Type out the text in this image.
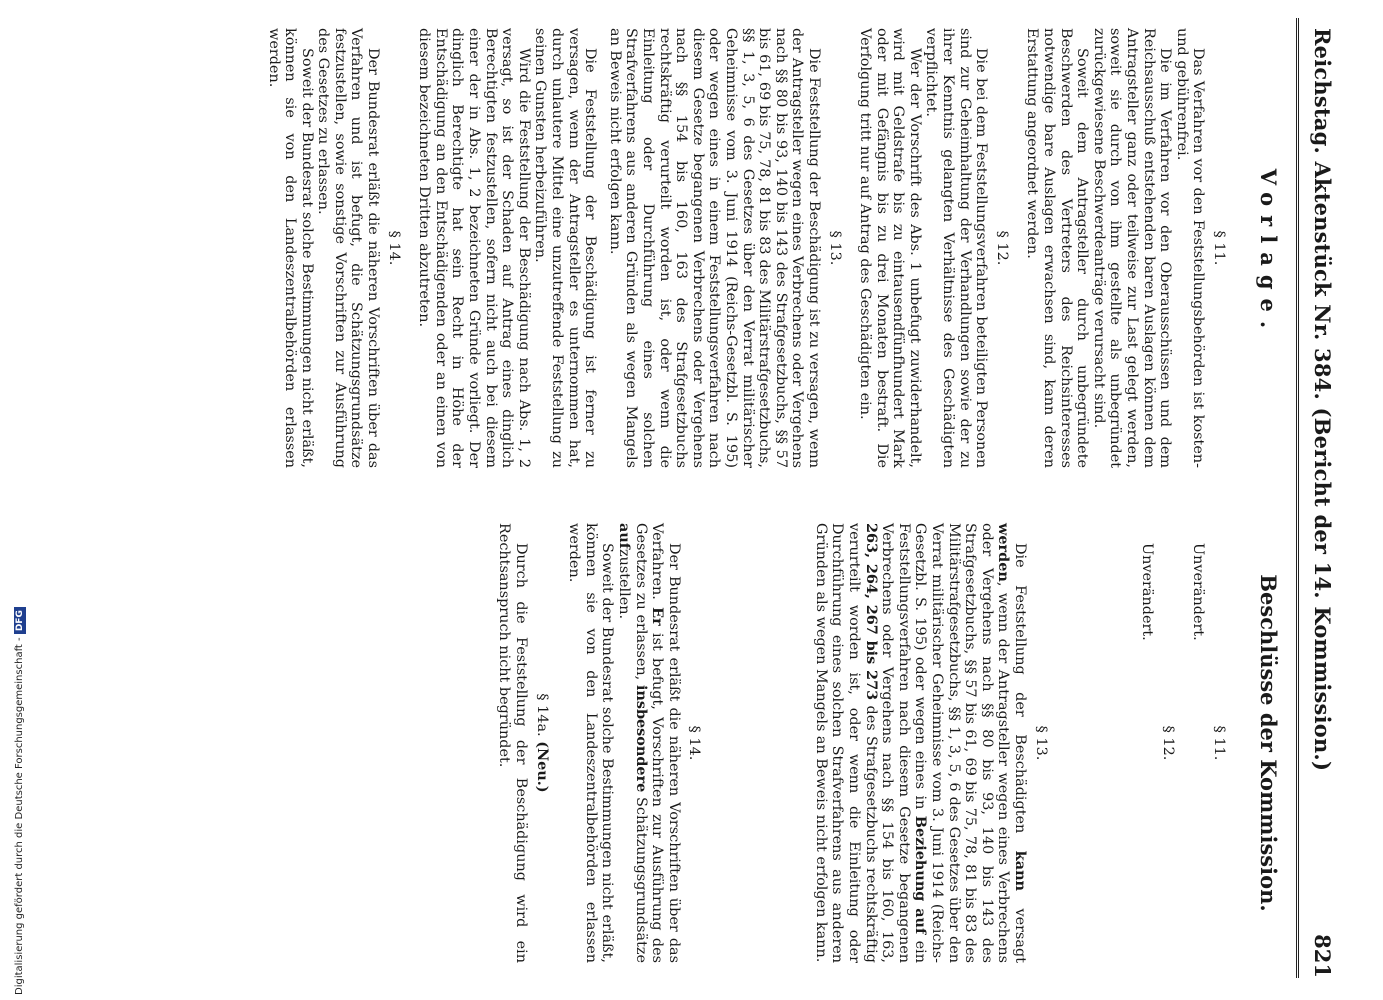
Reichstag. Aktenstück Nr. 384. (Bericht der 14. Kommission.)
821
Vorlage.
Beschlüsse der Kommission.
§ 11.

Das Verfahren vor den Feststellungsbehörden ist kosten- und gebührenfrei.

Die im Verfahren vor den Oberausschüssen und dem Reichsausschuß entstehenden baren Auslagen können dem Antragsteller ganz oder teilweise zur Last gelegt werden, soweit sie durch von ihm gestellte als unbegründet zurückgewiesene Beschwerdeanträge verursacht sind.

Soweit dem Antragsteller durch unbegründete Beschwerden des Vertreters des Reichsinteresses notwendige bare Auslagen erwachsen sind, kann deren Erstattung angeordnet werden.

§ 12.

Die bei dem Feststellungsverfahren beteiligten Personen sind zur Geheimhaltung der Verhandlungen sowie der zu ihrer Kenntnis gelangten Verhältnisse des Geschädigten verpflichtet.

Wer der Vorschrift des Abs. 1 unbefugt zuwiderhandelt, wird mit Geldstrafe bis zu eintausendfünfhundert Mark oder mit Gefängnis bis zu drei Monaten bestraft. Die Verfolgung tritt nur auf Antrag des Geschädigten ein.

§ 13.

Die Feststellung der Beschädigung ist zu versagen, wenn der Antragsteller wegen eines Verbrechens oder Vergehens nach §§ 80 bis 93, 140 bis 143 des Strafgesetzbuchs, §§ 57 bis 61, 69 bis 75, 78, 81 bis 83 des Militärstrafgesetzbuchs, §§ 1, 3, 5, 6 des Gesetzes über den Verrat militärischer Geheimnisse vom 3. Juni 1914 (Reichs-Gesetzbl. S. 195) oder wegen eines in einem Feststellungsverfahren nach diesem Gesetze begangenen Verbrechens oder Vergehens nach §§ 154 bis 160, 163 des Strafgesetzbuchs rechtskräftig verurteilt worden ist, oder wenn die Einleitung oder Durchführung eines solchen Strafverfahrens aus anderen Gründen als wegen Mangels an Beweis nicht erfolgen kann.

Die Feststellung der Beschädigung ist ferner zu versagen, wenn der Antragsteller es unternommen hat, durch unlautere Mittel eine unzutreffende Feststellung zu seinen Gunsten herbeizuführen.

Wird die Feststellung der Beschädigung nach Abs. 1, 2 versagt, so ist der Schaden auf Antrag eines dinglich Berechtigten festzustellen, sofern nicht auch bei diesem einer der in Abs. 1, 2 bezeichneten Gründe vorliegt. Der dinglich Berechtigte hat sein Recht in Höhe der Entschädigung an den Entschädigenden oder an einen von diesem bezeichneten Dritten abzutreten.

§ 14.

Der Bundesrat erläßt die näheren Vorschriften über das Verfahren und ist befugt, die Schätzungsgrundsätze festzustellen, sowie sonstige Vorschriften zur Ausführung des Gesetzes zu erlassen.

Soweit der Bundesrat solche Bestimmungen nicht erläßt, können sie von den Landeszentralbehörden erlassen werden.

§ 11.

Unverändert.

§ 12.

Unverändert.

§ 13.

Die Feststellung der Beschädigten kann versagt werden, wenn der Antragsteller wegen eines Verbrechens oder Vergehens nach §§ 80 bis 93, 140 bis 143 des Strafgesetzbuchs, §§ 57 bis 61, 69 bis 75, 78, 81 bis 83 des Militärstrafgesetzbuchs, §§ 1, 3, 5, 6 des Gesetzes über den Verrat militärischer Geheimnisse vom 3. Juni 1914 (Reichs-Gesetzbl. S. 195) oder wegen eines in Beziehung auf ein Feststellungsverfahren nach diesem Gesetze begangenen Verbrechens oder Vergehens nach §§ 154 bis 160, 163, 263, 264, 267 bis 273 des Strafgesetzbuchs rechtskräftig verurteilt worden ist, oder wenn die Einleitung oder Durchführung eines solchen Strafverfahrens aus anderen Gründen als wegen Mangels an Beweis nicht erfolgen kann.

§ 14.

Der Bundesrat erläßt die näheren Vorschriften über das Verfahren. Er ist befugt, Vorschriften zur Ausführung des Gesetzes zu erlassen, insbesondere Schätzungsgrundsätze aufzustellen.

Soweit der Bundesrat solche Bestimmungen nicht erläßt, können sie von den Landeszentralbehörden erlassen werden.

§ 14a. (Neu.)

Durch die Feststellung der Beschädigung wird ein Rechtsanspruch nicht begründet.

Digitalisierung gefördert durch die Deutsche Forschungsgemeinschaft - DFG
